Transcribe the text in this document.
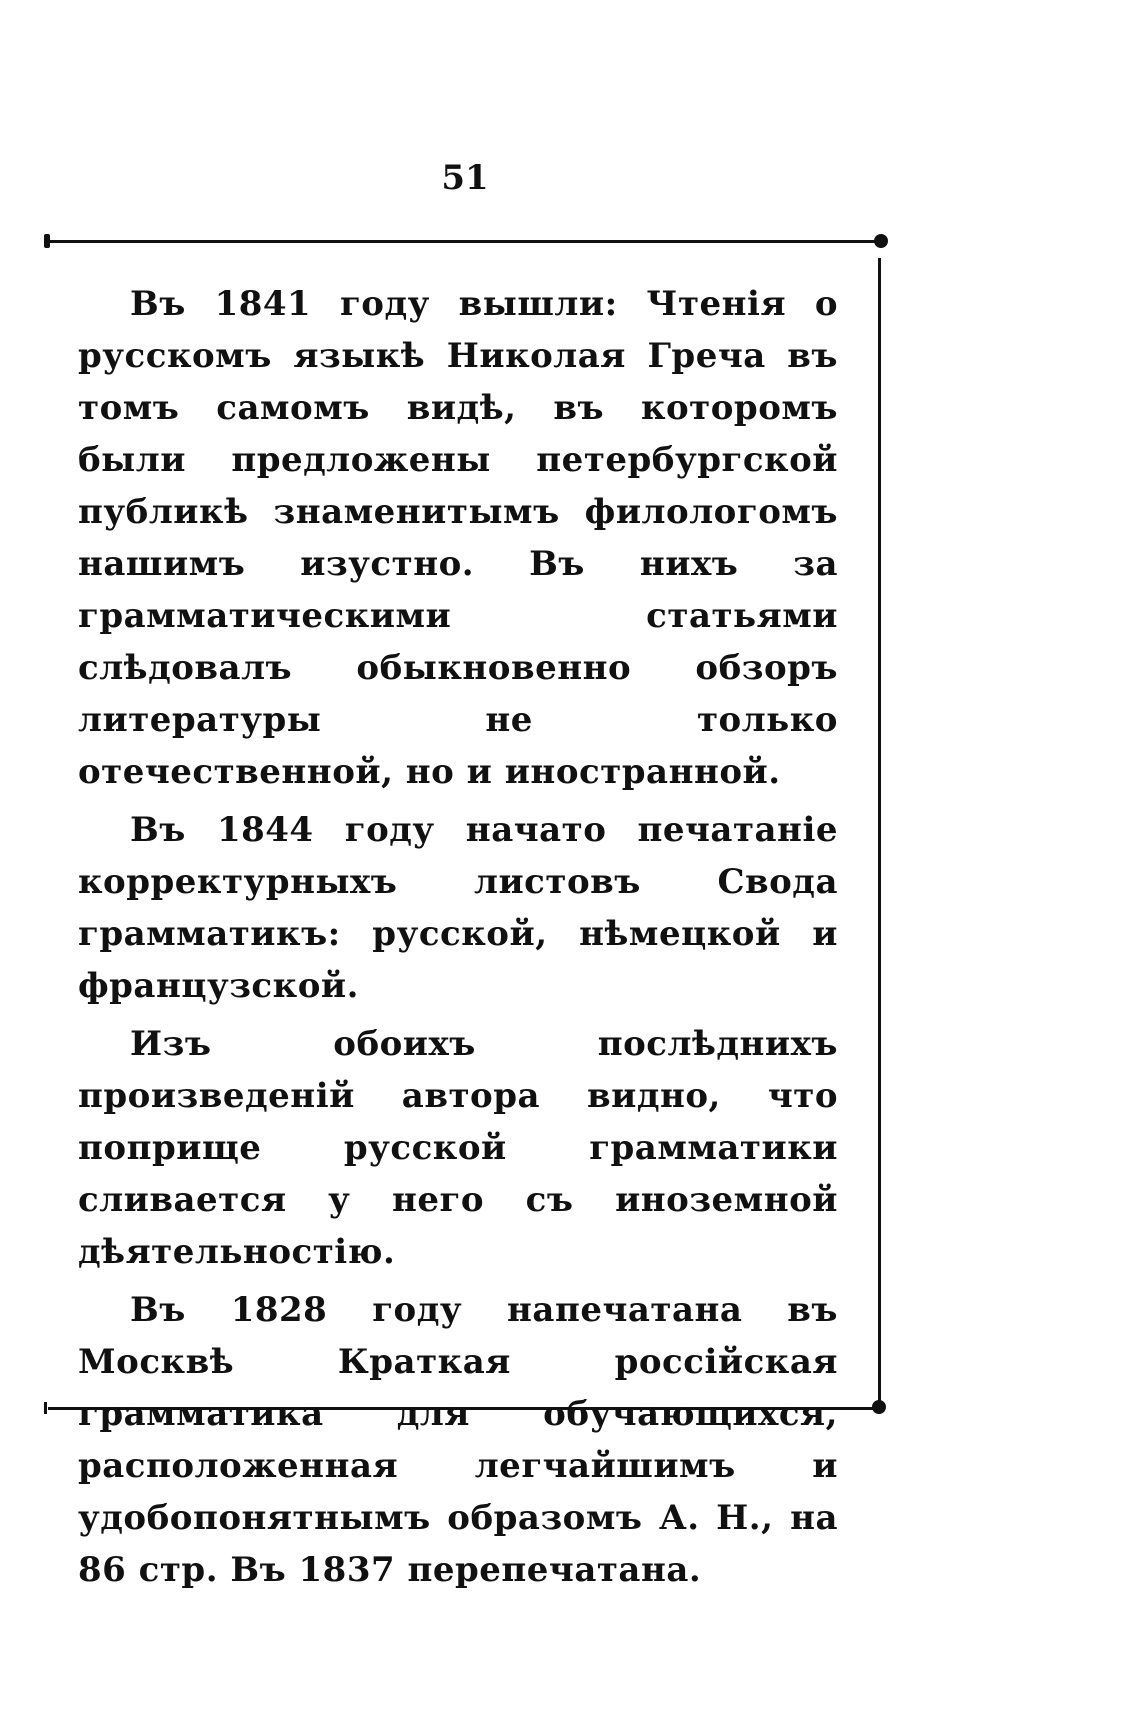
51

Въ 1841 году вышли: Чтенія о русскомъ языкѣ Николая Греча въ томъ самомъ видѣ, въ которомъ были предложены петербургской публикѣ знаменитымъ филологомъ нашимъ изустно. Въ нихъ за грамматическими статьями слѣдовалъ обыкновенно обзоръ литературы не только отечественной, но и иностранной.

Въ 1844 году начато печатаніе корректурныхъ листовъ Свода грамматикъ: русской, нѣмецкой и французской.

Изъ обоихъ послѣднихъ произведеній автора видно, что поприще русской грамматики сливается у него съ иноземной дѣятельностію.

Въ 1828 году напечатана въ Москвѣ Краткая россійская грамматика для обучающихся, расположенная легчайшимъ и удобопонятнымъ образомъ А. Н., на 86 стр. Въ 1837 перепечатана.
